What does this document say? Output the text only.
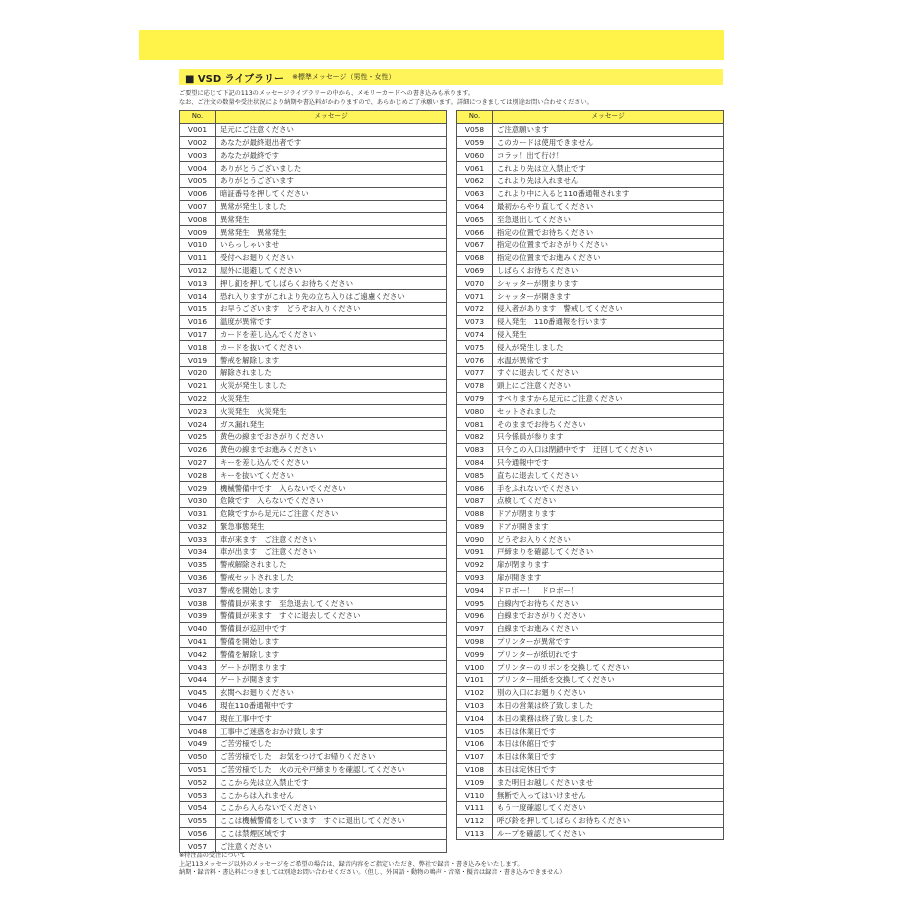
■ VSD ライブラリー ※標準メッセージ（男性・女性）
ご要望に応じて下記の113のメッセージライブラリーの中から、メモリーカードへの書き込みも承ります。
なお、ご注文の数量や受注状況により納期や書込料がかわりますので、あらかじめご了承願います。詳細につきましては別途お問い合わせください。
No.	メッセージ
V001	足元にご注意ください
V002	あなたが最終退出者です
V003	あなたが最終です
V004	ありがとうございました
V005	ありがとうございます
V006	暗証番号を押してください
V007	異常が発生しました
V008	異常発生
V009	異常発生　異常発生
V010	いらっしゃいませ
V011	受付へお廻りください
V012	屋外に退避してください
V013	押し釦を押してしばらくお待ちください
V014	恐れ入りますがこれより先の立ち入りはご遠慮ください
V015	お早うございます　どうぞお入りください
V016	温度が異常です
V017	カードを差し込んでください
V018	カードを抜いてください
V019	警戒を解除します
V020	解除されました
V021	火災が発生しました
V022	火災発生
V023	火災発生　火災発生
V024	ガス漏れ発生
V025	黄色の線までおさがりください
V026	黄色の線までお進みください
V027	キーを差し込んでください
V028	キーを抜いてください
V029	機械警備中です　入らないでください
V030	危険です　入らないでください
V031	危険ですから足元にご注意ください
V032	緊急事態発生
V033	車が来ます　ご注意ください
V034	車が出ます　ご注意ください
V035	警戒解除されました
V036	警戒セットされました
V037	警戒を開始します
V038	警備員が来ます　至急退去してください
V039	警備員が来ます　すぐに退去してください
V040	警備員が巡回中です
V041	警備を開始します
V042	警備を解除します
V043	ゲートが閉まります
V044	ゲートが開きます
V045	玄関へお廻りください
V046	現在110番通報中です
V047	現在工事中です
V048	工事中ご迷惑をおかけ致します
V049	ご苦労様でした
V050	ご苦労様でした　お気をつけてお帰りください
V051	ご苦労様でした　火の元や戸締まりを確認してください
V052	ここから先は立入禁止です
V053	ここからは入れません
V054	ここから入らないでください
V055	ここは機械警備をしています　すぐに退出してください
V056	ここは禁煙区域です
V057	ご注意ください
No.	メッセージ
V058	ご注意願います
V059	このカードは使用できません
V060	コラッ！出て行け！
V061	これより先は立入禁止です
V062	これより先は入れません
V063	これより中に入ると110番通報されます
V064	最初からやり直してください
V065	至急退出してください
V066	指定の位置でお待ちください
V067	指定の位置までおさがりください
V068	指定の位置までお進みください
V069	しばらくお待ちください
V070	シャッターが閉まります
V071	シャッターが開きます
V072	侵入者があります　警戒してください
V073	侵入発生　110番通報を行います
V074	侵入発生
V075	侵入が発生しました
V076	水温が異常です
V077	すぐに退去してください
V078	頭上にご注意ください
V079	すべりますから足元にご注意ください
V080	セットされました
V081	そのままでお待ちください
V082	只今係員が参ります
V083	只今この入口は閉鎖中です　迂回してください
V084	只今通報中です
V085	直ちに退去してください
V086	手をふれないでください
V087	点検してください
V088	ドアが閉まります
V089	ドアが開きます
V090	どうぞお入りください
V091	戸締まりを確認してください
V092	扉が閉まります
V093	扉が開きます
V094	ドロボー！　ドロボー！
V095	白線内でお待ちください
V096	白線までおさがりください
V097	白線までお進みください
V098	プリンターが異常です
V099	プリンターが紙切れです
V100	プリンターのリボンを交換してください
V101	プリンター用紙を交換してください
V102	別の入口にお廻りください
V103	本日の営業は終了致しました
V104	本日の業務は終了致しました
V105	本日は休業日です
V106	本日は休館日です
V107	本日は休業日です
V108	本日は定休日です
V109	また明日お越しくださいませ
V110	無断で入ってはいけません
V111	もう一度確認してください
V112	呼び鈴を押してしばらくお待ちください
V113	ループを確認してください
※特注品の受注について
上記113メッセージ以外のメッセージをご希望の場合は、録音内容をご指定いただき、弊社で録音・書き込みをいたします。
納期・録音料・書込料につきましては別途お問い合わせください。（但し、外国語・動物の鳴声・音楽・擬音は録音・書き込みできません）
